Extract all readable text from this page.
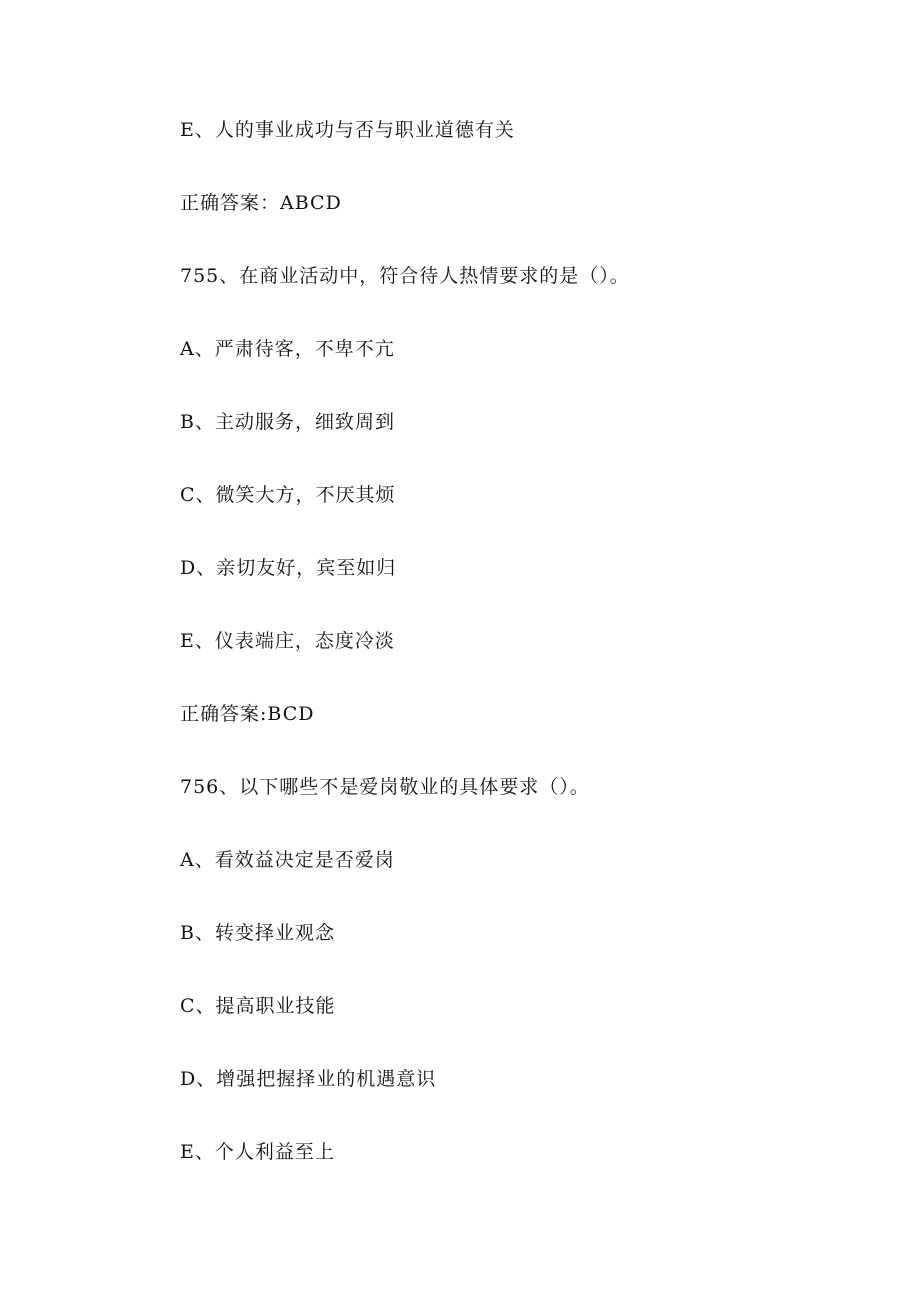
E、人的事业成功与否与职业道德有关
正确答案：ABCD
755、在商业活动中，符合待人热情要求的是（）。
A、严肃待客，不卑不亢
B、主动服务，细致周到
C、微笑大方，不厌其烦
D、亲切友好，宾至如归
E、仪表端庄，态度冷淡
正确答案:BCD
756、以下哪些不是爱岗敬业的具体要求（）。
A、看效益决定是否爱岗
B、转变择业观念
C、提高职业技能
D、增强把握择业的机遇意识
E、个人利益至上
